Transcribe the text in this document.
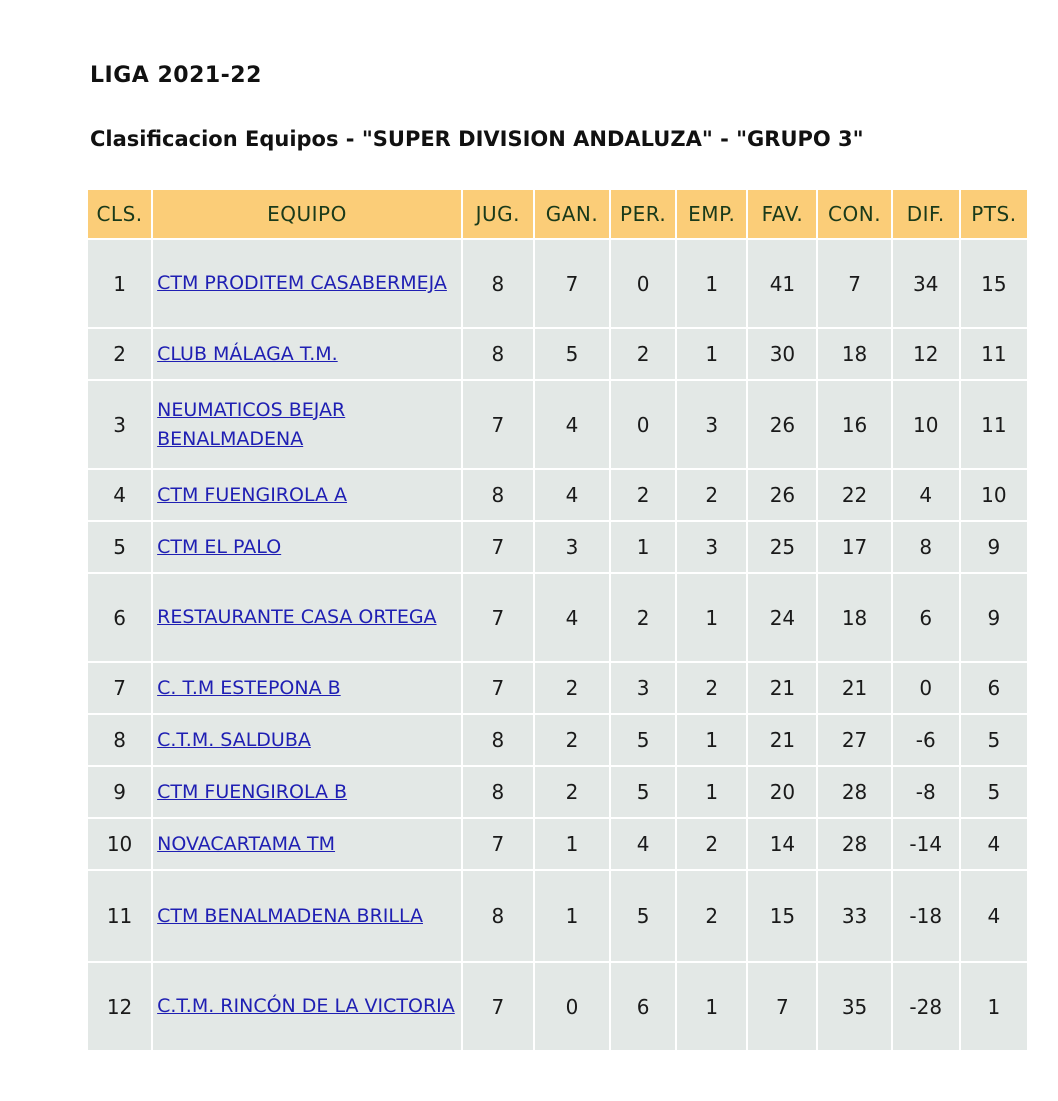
LIGA 2021-22
Clasificacion Equipos - "SUPER DIVISION ANDALUZA" - "GRUPO 3"
CLS.	EQUIPO	JUG.	GAN.	PER.	EMP.	FAV.	CON.	DIF.	PTS.
1	CTM PRODITEM CASABERMEJA	8	7	0	1	41	7	34	15
2	CLUB MÁLAGA T.M.	8	5	2	1	30	18	12	11
3	NEUMATICOS BEJAR BENALMADENA	7	4	0	3	26	16	10	11
4	CTM FUENGIROLA A	8	4	2	2	26	22	4	10
5	CTM EL PALO	7	3	1	3	25	17	8	9
6	RESTAURANTE CASA ORTEGA	7	4	2	1	24	18	6	9
7	C. T.M ESTEPONA B	7	2	3	2	21	21	0	6
8	C.T.M. SALDUBA	8	2	5	1	21	27	-6	5
9	CTM FUENGIROLA B	8	2	5	1	20	28	-8	5
10	NOVACARTAMA TM	7	1	4	2	14	28	-14	4
11	CTM BENALMADENA BRILLA	8	1	5	2	15	33	-18	4
12	C.T.M. RINCÓN DE LA VICTORIA	7	0	6	1	7	35	-28	1
